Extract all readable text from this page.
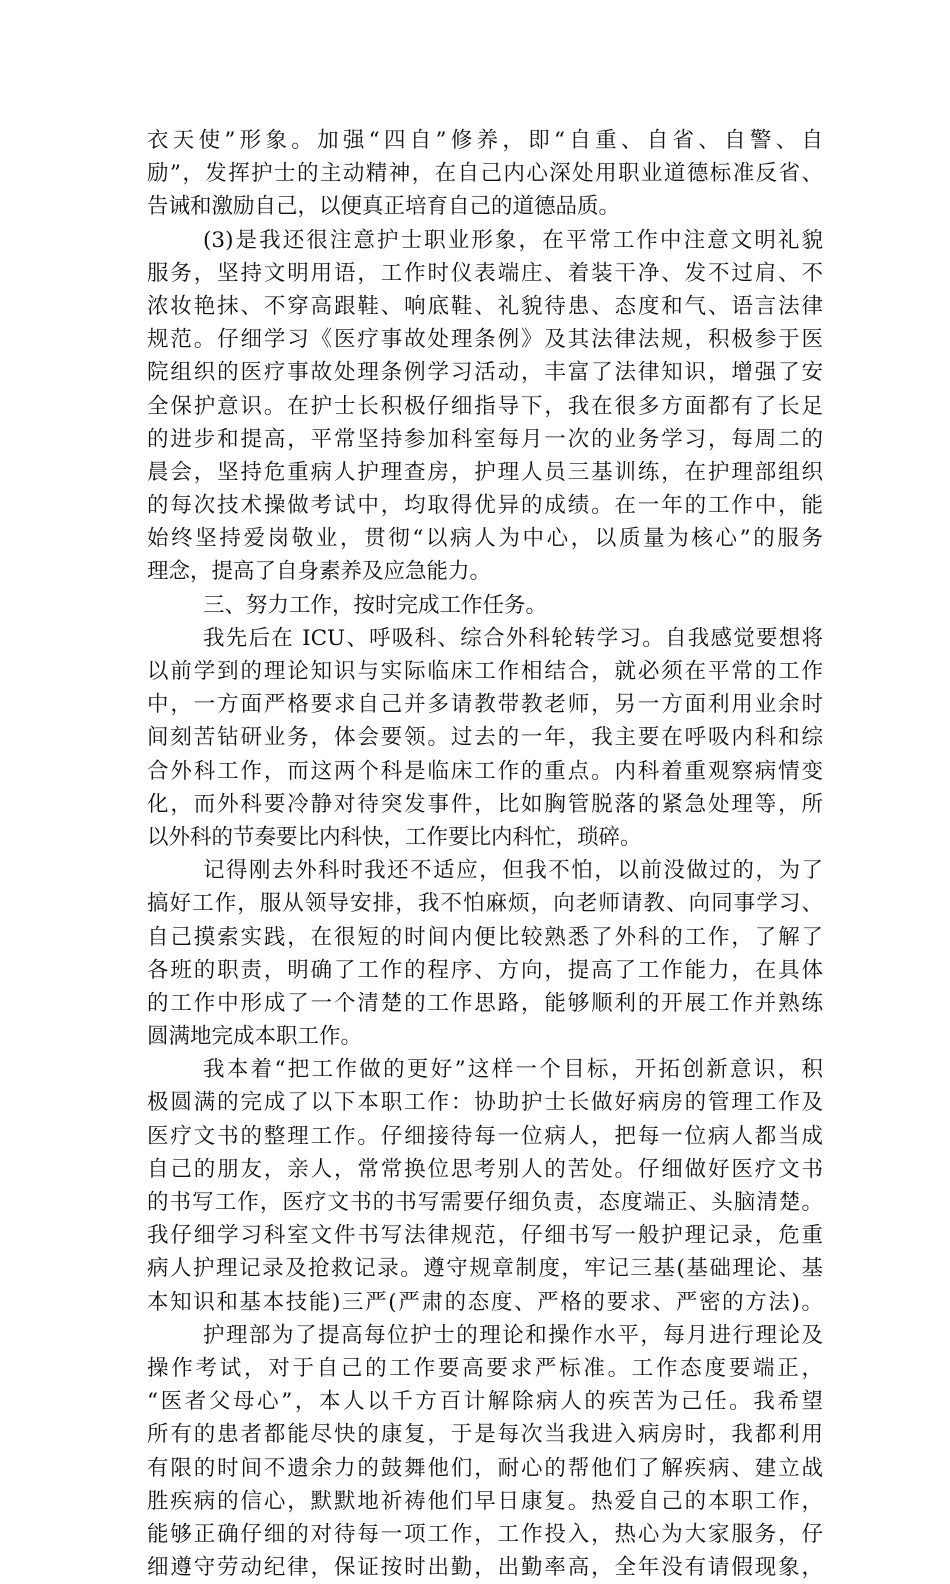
衣天使”形象。加强“四自”修养，即“自重、自省、自警、自
励”，发挥护士的主动精神，在自己内心深处用职业道德标准反省、
告诫和激励自己，以便真正培育自己的道德品质。
(3)是我还很注意护士职业形象，在平常工作中注意文明礼貌
服务，坚持文明用语，工作时仪表端庄、着装干净、发不过肩、不
浓妆艳抹、不穿高跟鞋、响底鞋、礼貌待患、态度和气、语言法律
规范。仔细学习《医疗事故处理条例》及其法律法规，积极参于医
院组织的医疗事故处理条例学习活动，丰富了法律知识，增强了安
全保护意识。在护士长积极仔细指导下，我在很多方面都有了长足
的进步和提高，平常坚持参加科室每月一次的业务学习，每周二的
晨会，坚持危重病人护理查房，护理人员三基训练，在护理部组织
的每次技术操做考试中，均取得优异的成绩。在一年的工作中，能
始终坚持爱岗敬业，贯彻“以病人为中心，以质量为核心”的服务
理念，提高了自身素养及应急能力。
三、努力工作，按时完成工作任务。
我先后在 ICU、呼吸科、综合外科轮转学习。自我感觉要想将
以前学到的理论知识与实际临床工作相结合，就必须在平常的工作
中，一方面严格要求自己并多请教带教老师，另一方面利用业余时
间刻苦钻研业务，体会要领。过去的一年，我主要在呼吸内科和综
合外科工作，而这两个科是临床工作的重点。内科着重观察病情变
化，而外科要冷静对待突发事件，比如胸管脱落的紧急处理等，所
以外科的节奏要比内科快，工作要比内科忙，琐碎。
记得刚去外科时我还不适应，但我不怕，以前没做过的，为了
搞好工作，服从领导安排，我不怕麻烦，向老师请教、向同事学习、
自己摸索实践，在很短的时间内便比较熟悉了外科的工作，了解了
各班的职责，明确了工作的程序、方向，提高了工作能力，在具体
的工作中形成了一个清楚的工作思路，能够顺利的开展工作并熟练
圆满地完成本职工作。
我本着“把工作做的更好”这样一个目标，开拓创新意识，积
极圆满的完成了以下本职工作：协助护士长做好病房的管理工作及
医疗文书的整理工作。仔细接待每一位病人，把每一位病人都当成
自己的朋友，亲人，常常换位思考别人的苦处。仔细做好医疗文书
的书写工作，医疗文书的书写需要仔细负责，态度端正、头脑清楚。
我仔细学习科室文件书写法律规范，仔细书写一般护理记录，危重
病人护理记录及抢救记录。遵守规章制度，牢记三基(基础理论、基
本知识和基本技能)三严(严肃的态度、严格的要求、严密的方法)。
护理部为了提高每位护士的理论和操作水平，每月进行理论及
操作考试，对于自己的工作要高要求严标准。工作态度要端正，
“医者父母心”，本人以千方百计解除病人的疾苦为己任。我希望
所有的患者都能尽快的康复，于是每次当我进入病房时，我都利用
有限的时间不遗余力的鼓舞他们，耐心的帮他们了解疾病、建立战
胜疾病的信心，默默地祈祷他们早日康复。热爱自己的本职工作，
能够正确仔细的对待每一项工作，工作投入，热心为大家服务，仔
细遵守劳动纪律，保证按时出勤，出勤率高，全年没有请假现象，
